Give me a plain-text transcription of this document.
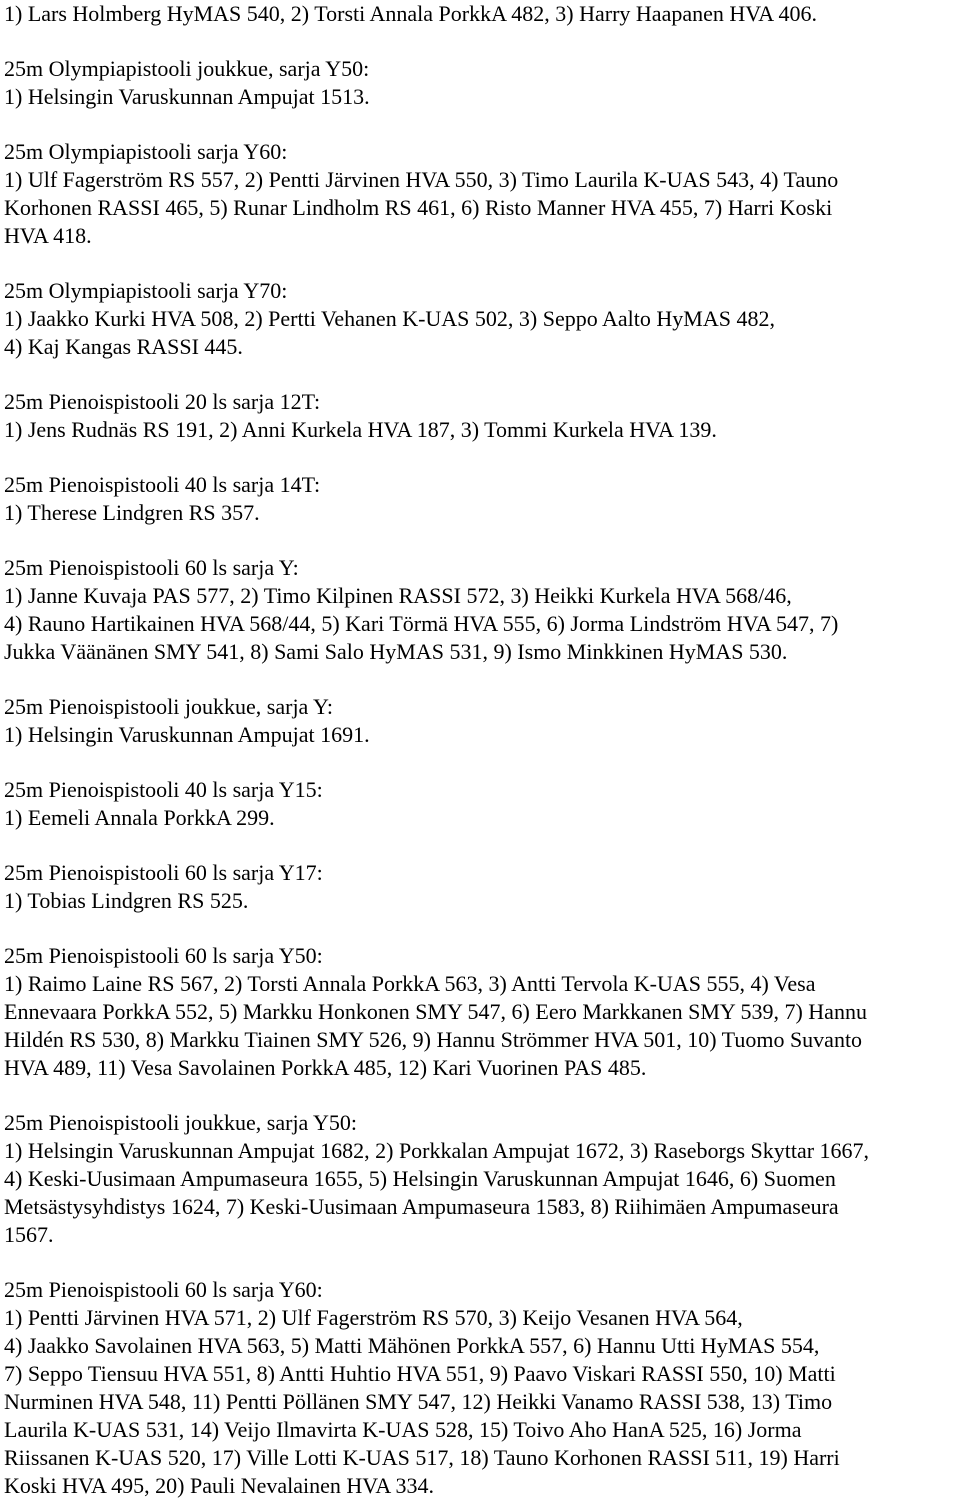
1) Lars Holmberg HyMAS 540, 2) Torsti Annala PorkkA 482, 3) Harry Haapanen HVA 406.
25m Olympiapistooli joukkue, sarja Y50:
1) Helsingin Varuskunnan Ampujat 1513.
25m Olympiapistooli sarja Y60:
1) Ulf Fagerström RS 557, 2) Pentti Järvinen HVA 550, 3) Timo Laurila K-UAS 543, 4) Tauno
Korhonen RASSI 465, 5) Runar Lindholm RS 461, 6) Risto Manner HVA 455, 7) Harri Koski
HVA 418.
25m Olympiapistooli sarja Y70:
1) Jaakko Kurki HVA 508, 2) Pertti Vehanen K-UAS 502, 3) Seppo Aalto HyMAS 482,
4) Kaj Kangas RASSI 445.
25m Pienoispistooli 20 ls sarja 12T:
1) Jens Rudnäs RS 191, 2) Anni Kurkela HVA 187, 3) Tommi Kurkela HVA 139.
25m Pienoispistooli 40 ls sarja 14T:
1) Therese Lindgren RS 357.
25m Pienoispistooli 60 ls sarja Y:
1) Janne Kuvaja PAS 577, 2) Timo Kilpinen RASSI 572, 3) Heikki Kurkela HVA 568/46,
4) Rauno Hartikainen HVA 568/44, 5) Kari Törmä HVA 555, 6) Jorma Lindström HVA 547, 7)
Jukka Väänänen SMY 541, 8) Sami Salo HyMAS 531, 9) Ismo Minkkinen HyMAS 530.
25m Pienoispistooli joukkue, sarja Y:
1) Helsingin Varuskunnan Ampujat 1691.
25m Pienoispistooli 40 ls sarja Y15:
1) Eemeli Annala PorkkA 299.
25m Pienoispistooli 60 ls sarja Y17:
1) Tobias Lindgren RS 525.
25m Pienoispistooli 60 ls sarja Y50:
1) Raimo Laine RS 567, 2) Torsti Annala PorkkA 563, 3) Antti Tervola K-UAS 555, 4) Vesa
Ennevaara PorkkA 552, 5) Markku Honkonen SMY 547, 6) Eero Markkanen SMY 539, 7) Hannu
Hildén RS 530, 8) Markku Tiainen SMY 526, 9) Hannu Strömmer HVA 501, 10) Tuomo Suvanto
HVA 489, 11) Vesa Savolainen PorkkA 485, 12) Kari Vuorinen PAS 485.
25m Pienoispistooli joukkue, sarja Y50:
1) Helsingin Varuskunnan Ampujat 1682, 2) Porkkalan Ampujat 1672, 3) Raseborgs Skyttar 1667,
4) Keski-Uusimaan Ampumaseura 1655, 5) Helsingin Varuskunnan Ampujat 1646, 6) Suomen
Metsästysyhdistys 1624, 7) Keski-Uusimaan Ampumaseura 1583, 8) Riihimäen Ampumaseura
1567.
25m Pienoispistooli 60 ls sarja Y60:
1) Pentti Järvinen HVA 571, 2) Ulf Fagerström RS 570, 3) Keijo Vesanen HVA 564,
4) Jaakko Savolainen HVA 563, 5) Matti Mähönen PorkkA 557, 6) Hannu Utti HyMAS 554,
7) Seppo Tiensuu HVA 551, 8) Antti Huhtio HVA 551, 9) Paavo Viskari RASSI 550, 10) Matti
Nurminen HVA 548, 11) Pentti Pöllänen SMY 547, 12) Heikki Vanamo RASSI 538, 13) Timo
Laurila K-UAS 531, 14) Veijo Ilmavirta K-UAS 528, 15) Toivo Aho HanA 525, 16) Jorma
Riissanen K-UAS 520, 17) Ville Lotti K-UAS 517, 18) Tauno Korhonen RASSI 511, 19) Harri
Koski HVA 495, 20) Pauli Nevalainen HVA 334.
